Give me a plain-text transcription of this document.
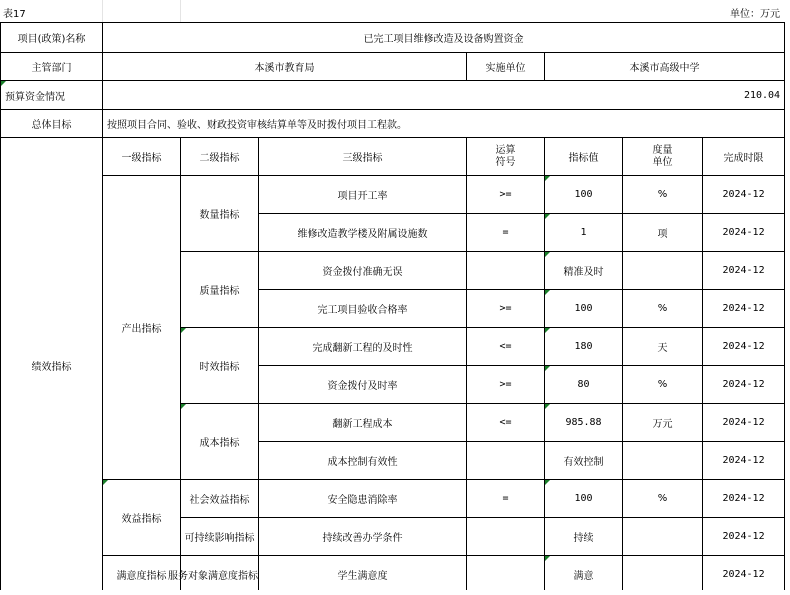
表17	单位：万元
项目(政策)名称	已完工项目维修改造及设备购置资金						
主管部门	本溪市教育局			实施单位	本溪市高级中学		
预算资金情况	210.04						
总体目标	按照项目合同、验收、财政投资审核结算单等及时拨付项目工程款。						
绩效指标	一级指标	二级指标	三级指标	运算符号	指标值	度量单位	完成时限
	产出指标	数量指标	项目开工率	>=	100	%	2024-12
			维修改造教学楼及附属设施数	=	1	项	2024-12
		质量指标	资金拨付准确无误		精准及时		2024-12
			完工项目验收合格率	>=	100	%	2024-12
		时效指标	完成翻新工程的及时性	<=	180	天	2024-12
			资金拨付及时率	>=	80	%	2024-12
		成本指标	翻新工程成本	<=	985.88	万元	2024-12
			成本控制有效性		有效控制		2024-12
	效益指标	社会效益指标	安全隐患消除率	=	100	%	2024-12
		可持续影响指标	持续改善办学条件		持续		2024-12
	满意度指标	服务对象满意度指标	学生满意度		满意		2024-12
